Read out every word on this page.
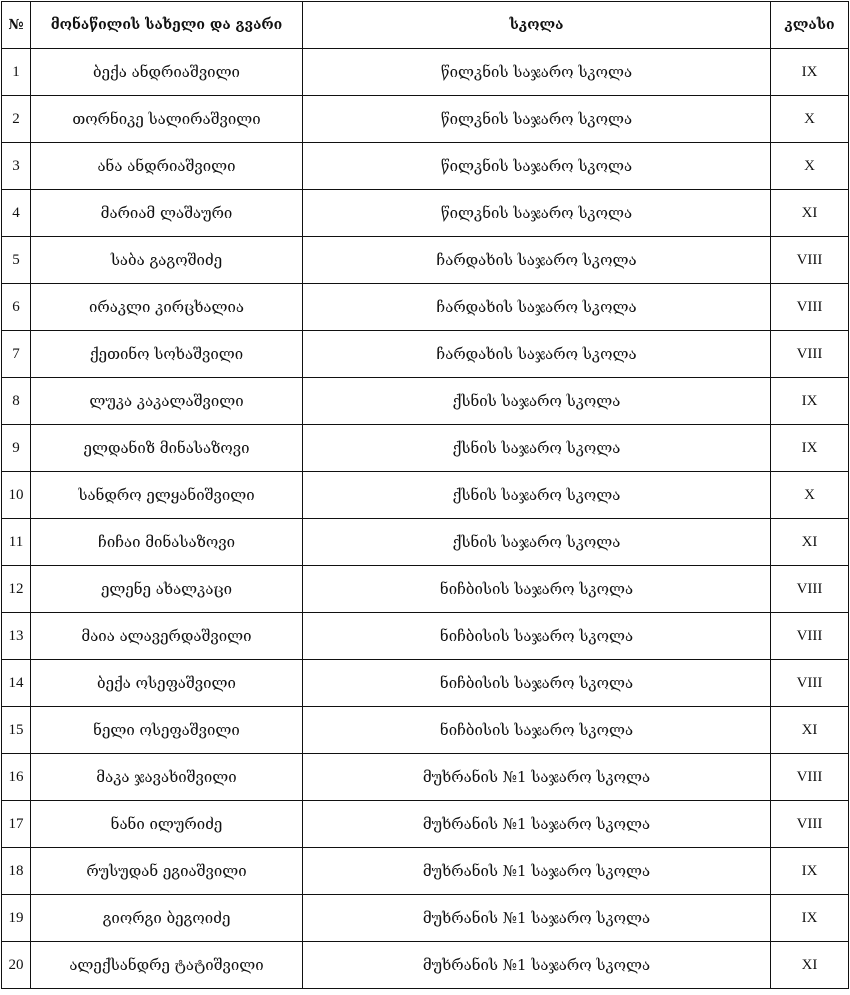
№	მონაწილის სახელი და გვარი	სკოლა	კლასი
1	ბექა ანდრიაშვილი	წილკნის საჯარო სკოლა	IX
2	თორნიკე სალირაშვილი	წილკნის საჯარო სკოლა	X
3	ანა ანდრიაშვილი	წილკნის საჯარო სკოლა	X
4	მარიამ ლაშაური	წილკნის საჯარო სკოლა	XI
5	საბა გაგოშიძე	ჩარდახის საჯარო სკოლა	VIII
6	ირაკლი კირცხალია	ჩარდახის საჯარო სკოლა	VIII
7	ქეთინო სოხაშვილი	ჩარდახის საჯარო სკოლა	VIII
8	ლუკა კაკალაშვილი	ქსნის საჯარო სკოლა	IX
9	ელდანიზ მინასაზოვი	ქსნის საჯარო სკოლა	IX
10	სანდრო ელყანიშვილი	ქსნის საჯარო სკოლა	X
11	ჩიჩაი მინასაზოვი	ქსნის საჯარო სკოლა	XI
12	ელენე ახალკაცი	ნიჩბისის საჯარო სკოლა	VIII
13	მაია ალავერდაშვილი	ნიჩბისის საჯარო სკოლა	VIII
14	ბექა ოსეფაშვილი	ნიჩბისის საჯარო სკოლა	VIII
15	ნელი ოსეფაშვილი	ნიჩბისის საჯარო სკოლა	XI
16	მაკა ჯავახიშვილი	მუხრანის №1 საჯარო სკოლა	VIII
17	ნანი ილურიძე	მუხრანის №1 საჯარო სკოლა	VIII
18	რუსუდან ეგიაშვილი	მუხრანის №1 საჯარო სკოლა	IX
19	გიორგი ბეგოიძე	მუხრანის №1 საჯარო სკოლა	IX
20	ალექსანდრე ტატიშვილი	მუხრანის №1 საჯარო სკოლა	XI
